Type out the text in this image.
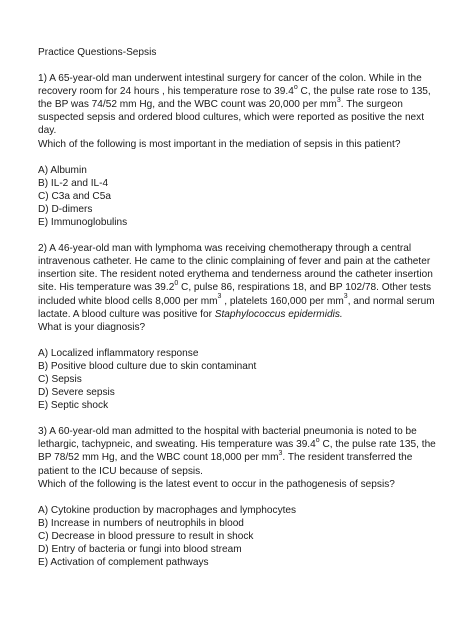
Practice Questions-Sepsis
1) A 65-year-old man underwent intestinal surgery for cancer of the colon. While in the recovery room for 24 hours , his temperature rose to 39.4$^o$ C, the pulse rate rose to 135, the BP was 74/52 mm Hg, and the WBC count was 20,000 per $mm^3$. The surgeon suspected sepsis and ordered blood cultures, which were reported as positive the next day.
Which of the following is most important in the mediation of sepsis in this patient?
A) Albumin
B) IL-2 and IL-4
C) C3a and C5a
D) D-dimers
E) Immunoglobulins
2) A 46-year-old man with lymphoma was receiving chemotherapy through a central intravenous catheter. He came to the clinic complaining of fever and pain at the catheter insertion site. The resident noted erythema and tenderness around the catheter insertion site. His temperature was 39.2$^0$ C, pulse 86, respirations 18, and BP 102/78. Other tests included white blood cells 8,000 per $mm^3$ , platelets 160,000 per $mm^3$, and normal serum lactate. A blood culture was positive for Staphylococcus epidermidis.
What is your diagnosis?
A) Localized inflammatory response
B) Positive blood culture due to skin contaminant
C) Sepsis
D) Severe sepsis
E) Septic shock
3) A 60-year-old man admitted to the hospital with bacterial pneumonia is noted to be lethargic, tachypneic, and sweating. His temperature was 39.4$^o$ C, the pulse rate 135, the BP 78/52 mm Hg, and the WBC count 18,000 per $mm^3$. The resident transferred the patient to the ICU because of sepsis.
Which of the following is the latest event to occur in the pathogenesis of sepsis?
A) Cytokine production by macrophages and lymphocytes
B) Increase in numbers of neutrophils in blood
C) Decrease in blood pressure to result in shock
D) Entry of bacteria or fungi into blood stream
E) Activation of complement pathways
